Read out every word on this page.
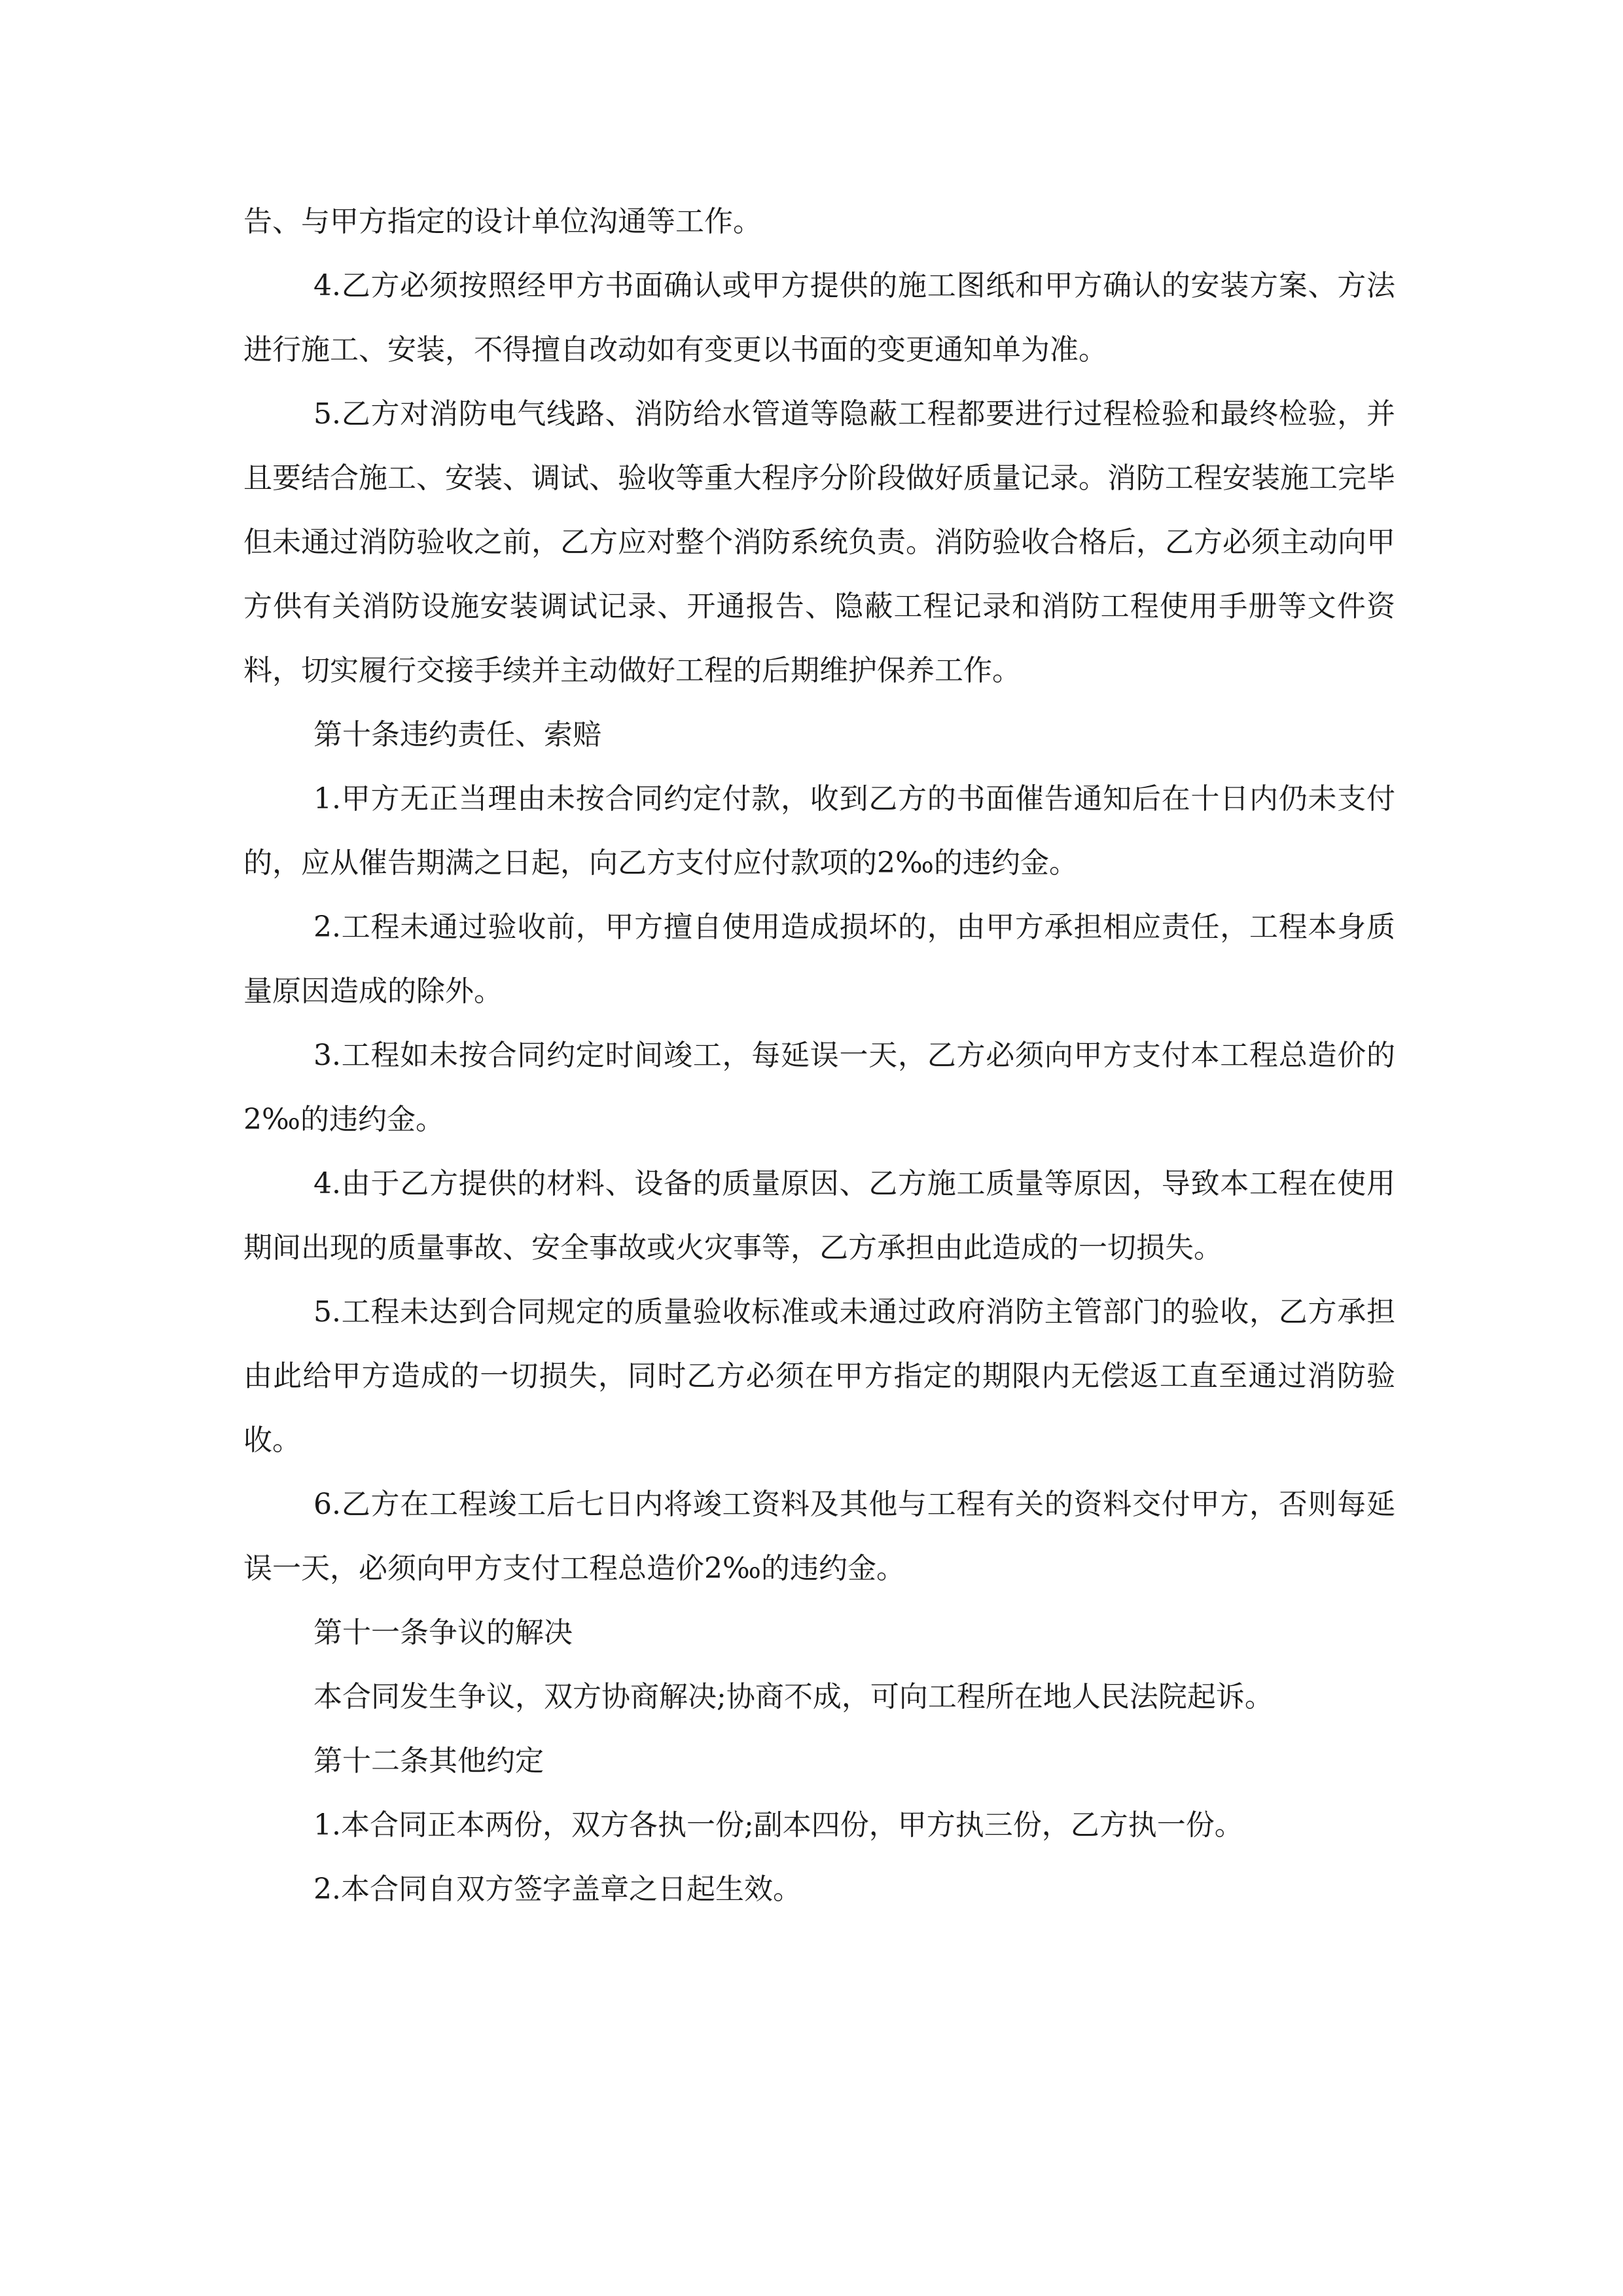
告、与甲方指定的设计单位沟通等工作。

4.乙方必须按照经甲方书面确认或甲方提供的施工图纸和甲方确认的安装方案、方法进行施工、安装，不得擅自改动如有变更以书面的变更通知单为准。

5.乙方对消防电气线路、消防给水管道等隐蔽工程都要进行过程检验和最终检验，并且要结合施工、安装、调试、验收等重大程序分阶段做好质量记录。消防工程安装施工完毕但未通过消防验收之前，乙方应对整个消防系统负责。消防验收合格后，乙方必须主动向甲方供有关消防设施安装调试记录、开通报告、隐蔽工程记录和消防工程使用手册等文件资料，切实履行交接手续并主动做好工程的后期维护保养工作。

第十条违约责任、索赔

1.甲方无正当理由未按合同约定付款，收到乙方的书面催告通知后在十日内仍未支付的，应从催告期满之日起，向乙方支付应付款项的2‰的违约金。

2.工程未通过验收前，甲方擅自使用造成损坏的，由甲方承担相应责任，工程本身质量原因造成的除外。

3.工程如未按合同约定时间竣工，每延误一天，乙方必须向甲方支付本工程总造价的2‰的违约金。

4.由于乙方提供的材料、设备的质量原因、乙方施工质量等原因，导致本工程在使用期间出现的质量事故、安全事故或火灾事等，乙方承担由此造成的一切损失。

5.工程未达到合同规定的质量验收标准或未通过政府消防主管部门的验收，乙方承担由此给甲方造成的一切损失，同时乙方必须在甲方指定的期限内无偿返工直至通过消防验收。

6.乙方在工程竣工后七日内将竣工资料及其他与工程有关的资料交付甲方，否则每延误一天，必须向甲方支付工程总造价2‰的违约金。

第十一条争议的解决

本合同发生争议，双方协商解决;协商不成，可向工程所在地人民法院起诉。

第十二条其他约定

1.本合同正本两份，双方各执一份;副本四份，甲方执三份，乙方执一份。

2.本合同自双方签字盖章之日起生效。
